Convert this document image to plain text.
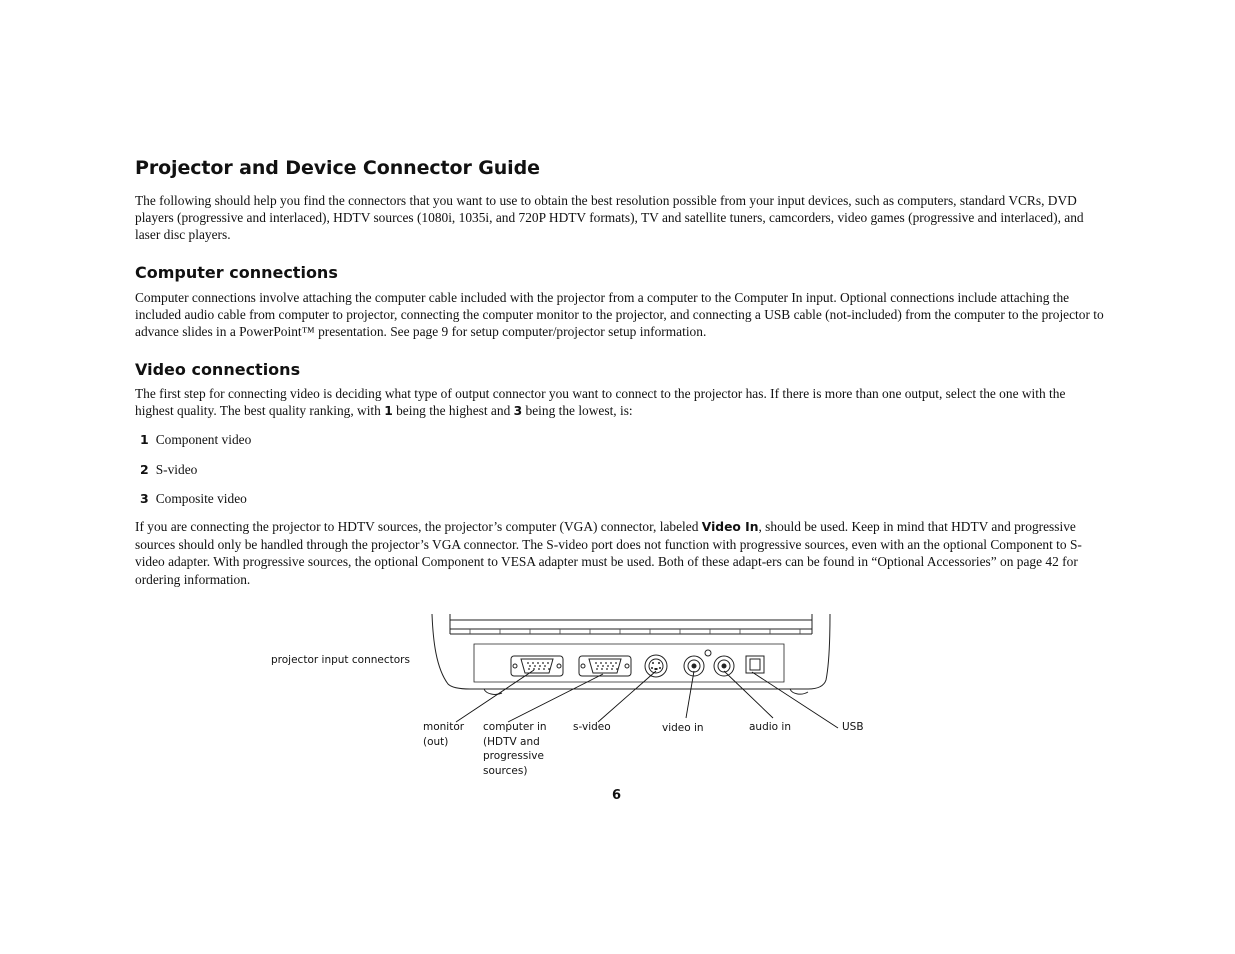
Projector and Device Connector Guide

The following should help you find the connectors that you want to use to obtain the best resolution possible from your input devices, such as computers, standard VCRs, DVD players (progressive and interlaced), HDTV sources (1080i, 1035i, and 720P HDTV formats), TV and satellite tuners, camcorders, video games (progressive and interlaced), and laser disc players.

Computer connections

Computer connections involve attaching the computer cable included with the projector from a computer to the Computer In input. Optional connections include attaching the included audio cable from computer to projector, connecting the computer monitor to the projector, and connecting a USB cable (not-included) from the computer to the projector to advance slides in a PowerPoint™ presentation. See page 9 for setup computer/projector setup information.

Video connections

The first step for connecting video is deciding what type of output connector you want to connect to the projector has. If there is more than one output, select the one with the highest quality. The best quality ranking, with 1 being the highest and 3 being the lowest, is:

1 Component video
2 S-video
3 Composite video

If you are connecting the projector to HDTV sources, the projector’s computer (VGA) connector, labeled Video In, should be used. Keep in mind that HDTV and progressive sources should only be handled through the projector’s VGA connector. The S-video port does not function with progressive sources, even with an the optional Component to S-video adapter. With progressive sources, the optional Component to VESA adapter must be used. Both of these adapt-ers can be found in “Optional Accessories” on page 42 for ordering information.

projector input connectors
monitor
(out)
computer in
(HDTV and
progressive
sources)
s-video	video in	audio in	USB
6
